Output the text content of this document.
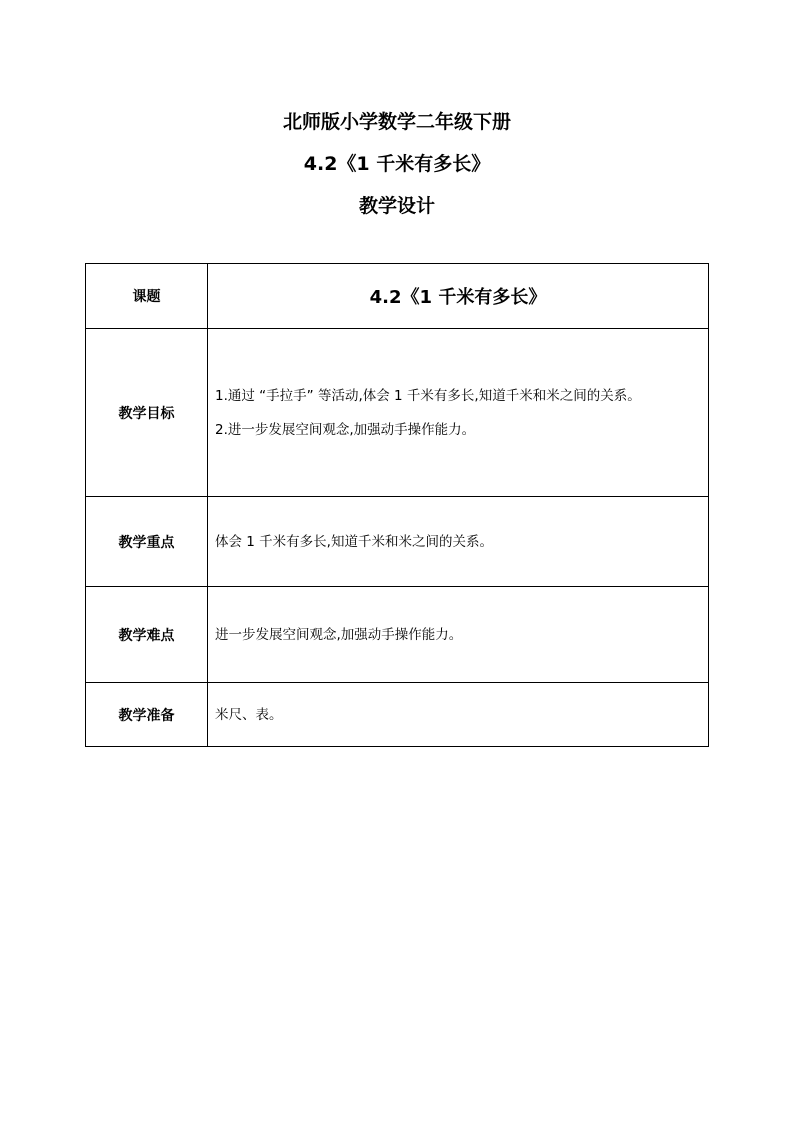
北师版小学数学二年级下册
4.2《1 千米有多长》
教学设计
课题	4.2《1 千米有多长》
教学目标	1.通过 “手拉手” 等活动,体会 1 千米有多长,知道千米和米之间的关系。
2.进一步发展空间观念,加强动手操作能力。

教学重点	体会 1 千米有多长,知道千米和米之间的关系。
教学难点	进一步发展空间观念,加强动手操作能力。
教学准备	米尺、表。
